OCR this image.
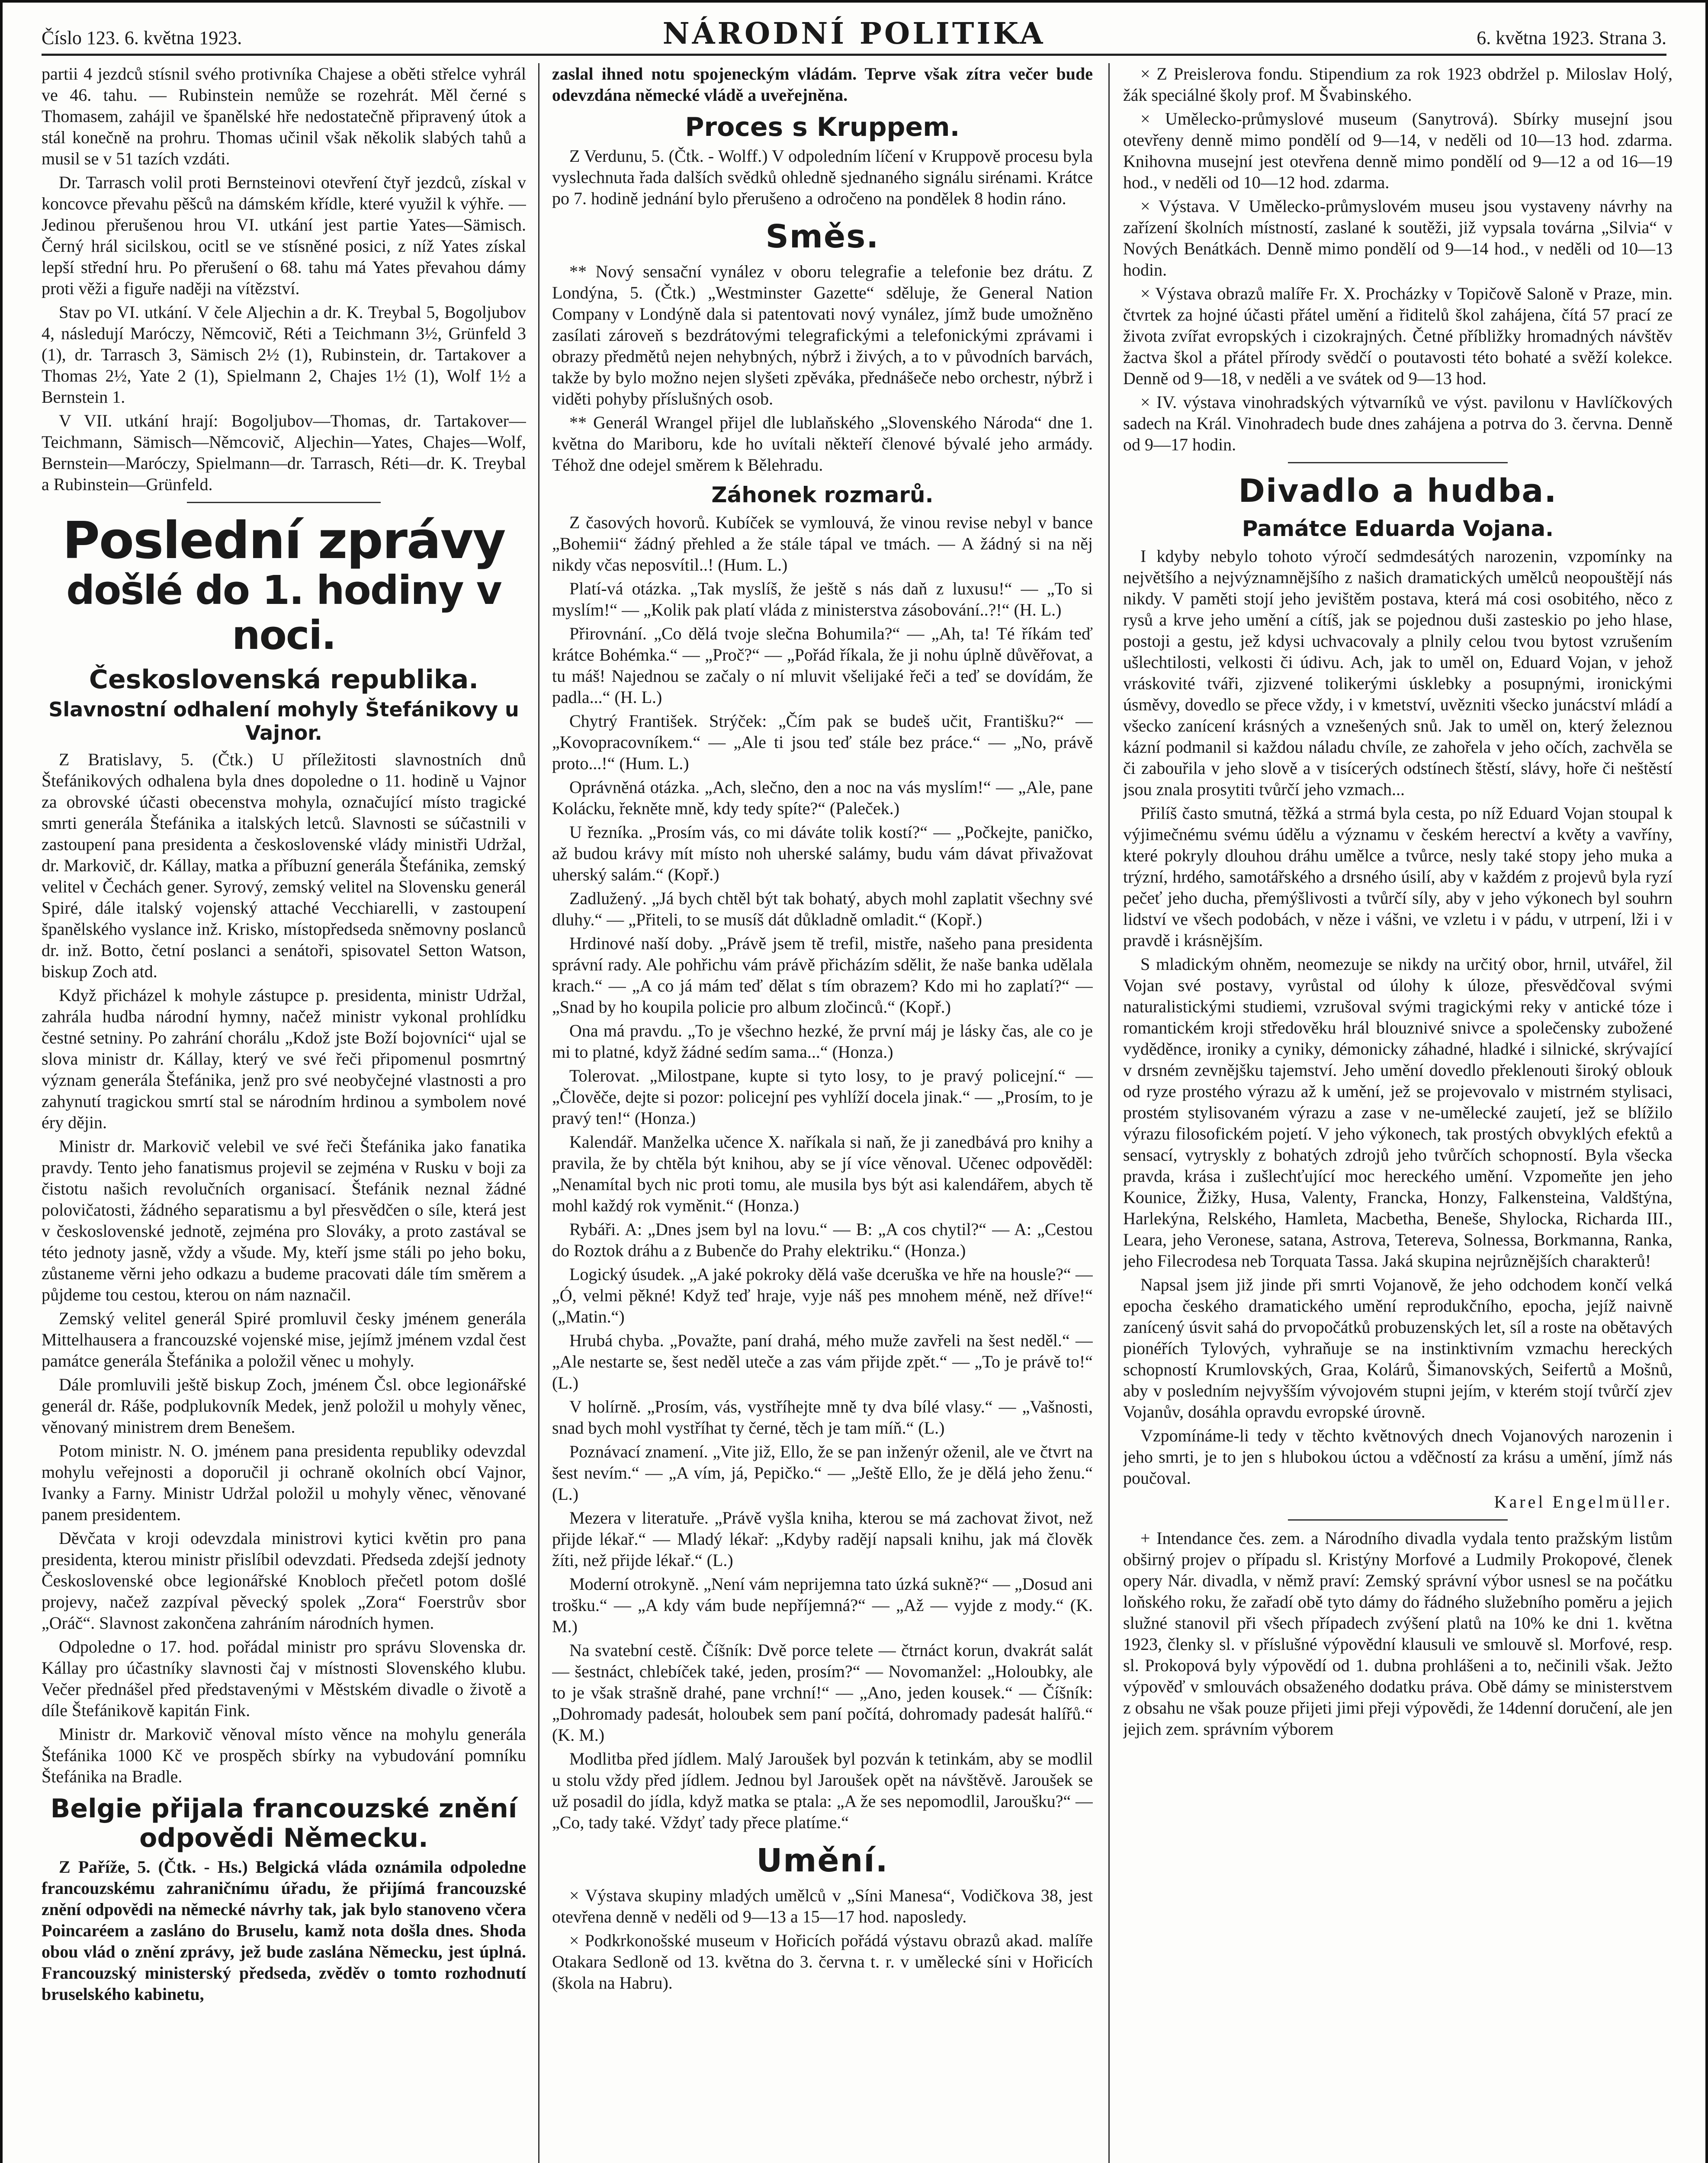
Číslo 123. 6. května 1923.	NÁRODNÍ POLITIKA	6. května 1923. Strana 3.

partii 4 jezdců stísnil svého protivníka Chajese a oběti střelce vyhrál ve 46. tahu. — Rubinstein nemůže se rozehrát. Měl černé s Thomasem, zahájil ve španělské hře nedostatečně připravený útok a stál konečně na prohru. Thomas učinil však několik slabých tahů a musil se v 51 tazích vzdáti.

Dr. Tarrasch volil proti Bernsteinovi otevření čtyř jezdců, získal v koncovce převahu pěšců na dámském křídle, které využil k výhře. — Jedinou přerušenou hrou VI. utkání jest partie Yates—Sämisch. Černý hrál sicilskou, ocitl se ve stísněné posici, z níž Yates získal lepší střední hru. Po přerušení o 68. tahu má Yates převahou dámy proti věži a figuře naději na vítězství.

Stav po VI. utkání. V čele Aljechin a dr. K. Treybal 5, Bogoljubov 4, následují Maróczy, Němcovič, Réti a Teichmann 3½, Grünfeld 3 (1), dr. Tarrasch 3, Sämisch 2½ (1), Rubinstein, dr. Tartakover a Thomas 2½, Yate 2 (1), Spielmann 2, Chajes 1½ (1), Wolf 1½ a Bernstein 1.

V VII. utkání hrají: Bogoljubov—Thomas, dr. Tartakover—Teichmann, Sämisch—Němcovič, Aljechin—Yates, Chajes—Wolf, Bernstein—Maróczy, Spielmann—dr. Tarrasch, Réti—dr. K. Treybal a Rubinstein—Grünfeld.

Poslední zprávy
došlé do 1. hodiny v noci.
Československá republika.
Slavnostní odhalení mohyly Štefánikovy u Vajnor.

Z Bratislavy, 5. (Čtk.) U příležitosti slavnostních dnů Štefánikových odhalena byla dnes dopoledne o 11. hodině u Vajnor za obrovské účasti obecenstva mohyla, označující místo tragické smrti generála Štefánika a italských letců. Slavnosti se súčastnili v zastoupení pana presidenta a československé vlády ministři Udržal, dr. Markovič, dr. Kállay, matka a příbuzní generála Štefánika, zemský velitel v Čechách gener. Syrový, zemský velitel na Slovensku generál Spiré, dále italský vojenský attaché Vecchiarelli, v zastoupení španělského vyslance inž. Krisko, místopředseda sněmovny poslanců dr. inž. Botto, četní poslanci a senátoři, spisovatel Setton Watson, biskup Zoch atd.

Když přicházel k mohyle zástupce p. presidenta, ministr Udržal, zahrála hudba národní hymny, načež ministr vykonal prohlídku čestné setniny. Po zahrání chorálu „Kdož jste Boží bojovníci“ ujal se slova ministr dr. Kállay, který ve své řeči připomenul posmrtný význam generála Štefánika, jenž pro své neobyčejné vlastnosti a pro zahynutí tragickou smrtí stal se národním hrdinou a symbolem nové éry dějin.

Ministr dr. Markovič velebil ve své řeči Štefánika jako fanatika pravdy. Tento jeho fanatismus projevil se zejména v Rusku v boji za čistotu našich revolučních organisací. Štefánik neznal žádné polovičatosti, žádného separatismu a byl přesvědčen o síle, která jest v československé jednotě, zejména pro Slováky, a proto zastával se této jednoty jasně, vždy a všude. My, kteří jsme stáli po jeho boku, zůstaneme věrni jeho odkazu a budeme pracovati dále tím směrem a půjdeme tou cestou, kterou on nám naznačil.

Zemský velitel generál Spiré promluvil česky jménem generála Mittelhausera a francouzské vojenské mise, jejímž jménem vzdal čest památce generála Štefánika a položil věnec u mohyly.

Dále promluvili ještě biskup Zoch, jménem Čsl. obce legionářské generál dr. Ráše, podplukovník Medek, jenž položil u mohyly věnec, věnovaný ministrem drem Benešem.

Potom ministr. N. O. jménem pana presidenta republiky odevzdal mohylu veřejnosti a doporučil ji ochraně okolních obcí Vajnor, Ivanky a Farny. Ministr Udržal položil u mohyly věnec, věnované panem presidentem.

Děvčata v kroji odevzdala ministrovi kytici květin pro pana presidenta, kterou ministr přislíbil odevzdati. Předseda zdejší jednoty Československé obce legionářské Knobloch přečetl potom došlé projevy, načež zazpíval pěvecký spolek „Zora“ Foerstrův sbor „Oráč“. Slavnost zakončena zahráním národních hymen.

Odpoledne o 17. hod. pořádal ministr pro správu Slovenska dr. Kállay pro účastníky slavnosti čaj v místnosti Slovenského klubu. Večer přednášel před představenými v Městském divadle o životě a díle Štefánikově kapitán Fink.

Ministr dr. Markovič věnoval místo věnce na mohylu generála Štefánika 1000 Kč ve prospěch sbírky na vybudování pomníku Štefánika na Bradle.

Belgie přijala francouzské znění odpovědi Německu.

Z Paříže, 5. (Čtk. - Hs.) Belgická vláda oznámila odpoledne francouzskému zahraničnímu úřadu, že přijímá francouzské znění odpovědi na německé návrhy tak, jak bylo stanoveno včera Poincaréem a zasláno do Bruselu, kamž nota došla dnes. Shoda obou vlád o znění zprávy, jež bude zaslána Německu, jest úplná. Francouzský ministerský předseda, zvěděv o tomto rozhodnutí bruselského kabinetu,

zaslal ihned notu spojeneckým vládám. Teprve však zítra večer bude odevzdána německé vládě a uveřejněna.

Proces s Kruppem.

Z Verdunu, 5. (Čtk. - Wolff.) V odpoledním líčení v Kruppově procesu byla vyslechnuta řada dalších svědků ohledně sjednaného signálu sirénami. Krátce po 7. hodině jednání bylo přerušeno a odročeno na pondělek 8 hodin ráno.

Směs.

** Nový sensační vynález v oboru telegrafie a telefonie bez drátu. Z Londýna, 5. (Čtk.) „Westminster Gazette“ sděluje, že General Nation Company v Londýně dala si patentovati nový vynález, jímž bude umožněno zasílati zároveň s bezdrátovými telegrafickými a telefonickými zprávami i obrazy předmětů nejen nehybných, nýbrž i živých, a to v původních barvách, takže by bylo možno nejen slyšeti zpěváka, přednášeče nebo orchestr, nýbrž i viděti pohyby příslušných osob.

** Generál Wrangel přijel dle lublaňského „Slovenského Národa“ dne 1. května do Mariboru, kde ho uvítali někteří členové bývalé jeho armády. Téhož dne odejel směrem k Bělehradu.

Záhonek rozmarů.

Z časových hovorů. Kubíček se vymlouvá, že vinou revise nebyl v bance „Bohemii“ žádný přehled a že stále tápal ve tmách. — A žádný si na něj nikdy včas neposvítil..! (Hum. L.)

Platí-vá otázka. „Tak myslíš, že ještě s nás daň z luxusu!“ — „To si myslím!“ — „Kolik pak platí vláda z ministerstva zásobování..?!“ (H. L.)

Přirovnání. „Co dělá tvoje slečna Bohumila?“ — „Ah, ta! Té říkám teď krátce Bohémka.“ — „Proč?“ — „Pořád říkala, že ji nohu úplně důvěřovat, a tu máš! Najednou se začaly o ní mluvit všelijaké řeči a teď se dovídám, že padla...“ (H. L.)

Chytrý František. Strýček: „Čím pak se budeš učit, Františku?“ — „Kovopracovníkem.“ — „Ale ti jsou teď stále bez práce.“ — „No, právě proto...!“ (Hum. L.)

Oprávněná otázka. „Ach, slečno, den a noc na vás myslím!“ — „Ale, pane Kolácku, řekněte mně, kdy tedy spíte?“ (Paleček.)

U řezníka. „Prosím vás, co mi dáváte tolik kostí?“ — „Počkejte, paničko, až budou krávy mít místo noh uherské salámy, budu vám dávat přivažovat uherský salám.“ (Kopř.)

Zadlužený. „Já bych chtěl být tak bohatý, abych mohl zaplatit všechny své dluhy.“ — „Přiteli, to se musíš dát důkladně omladit.“ (Kopř.)

Hrdinové naší doby. „Právě jsem tě trefil, mistře, našeho pana presidenta správní rady. Ale pohřichu vám právě přicházím sdělit, že naše banka udělala krach.“ — „A co já mám teď dělat s tím obrazem? Kdo mi ho zaplatí?“ — „Snad by ho koupila policie pro album zločinců.“ (Kopř.)

Ona má pravdu. „To je všechno hezké, že první máj je lásky čas, ale co je mi to platné, když žádné sedím sama...“ (Honza.)

Tolerovat. „Milostpane, kupte si tyto losy, to je pravý policejní.“ — „Člověče, dejte si pozor: policejní pes vyhlíží docela jinak.“ — „Prosím, to je pravý ten!“ (Honza.)

Kalendář. Manželka učence X. naříkala si naň, že ji zanedbává pro knihy a pravila, že by chtěla být knihou, aby se jí více věnoval. Učenec odpověděl: „Nenamítal bych nic proti tomu, ale musila bys být asi kalendářem, abych tě mohl každý rok vyměnit.“ (Honza.)

Rybáři. A: „Dnes jsem byl na lovu.“ — B: „A cos chytil?“ — A: „Cestou do Roztok dráhu a z Bubenče do Prahy elektriku.“ (Honza.)

Logický úsudek. „A jaké pokroky dělá vaše dceruška ve hře na housle?“ — „Ó, velmi pěkné! Když teď hraje, vyje náš pes mnohem méně, než dříve!“ („Matin.“)

Hrubá chyba. „Považte, paní drahá, mého muže zavřeli na šest neděl.“ — „Ale nestarte se, šest neděl uteče a zas vám přijde zpět.“ — „To je právě to!“ (L.)

V holírně. „Prosím, vás, vystříhejte mně ty dva bílé vlasy.“ — „Vašnosti, snad bych mohl vystříhat ty černé, těch je tam míň.“ (L.)

Poznávací znamení. „Vite již, Ello, že se pan inženýr oženil, ale ve čtvrt na šest nevím.“ — „A vím, já, Pepičko.“ — „Ještě Ello, že je dělá jeho ženu.“ (L.)

Mezera v literatuře. „Právě vyšla kniha, kterou se má zachovat život, než přijde lékař.“ — Mladý lékař: „Kdyby radějí napsali knihu, jak má člověk žíti, než přijde lékař.“ (L.)

Moderní otrokyně. „Není vám neprijemna tato úzká sukně?“ — „Dosud ani trošku.“ — „A kdy vám bude nepříjemná?“ — „Až — vyjde z mody.“ (K. M.)

Na svatební cestě. Číšník: Dvě porce telete — čtrnáct korun, dvakrát salát — šestnáct, chlebíček také, jeden, prosím?“ — Novomanžel: „Holoubky, ale to je však strašně drahé, pane vrchní!“ — „Ano, jeden kousek.“ — Číšník: „Dohromady padesát, holoubek sem paní počítá, dohromady padesát halířů.“ (K. M.)

Modlitba před jídlem. Malý Jaroušek byl pozván k tetinkám, aby se modlil u stolu vždy před jídlem. Jednou byl Jaroušek opět na návštěvě. Jaroušek se už posadil do jídla, když matka se ptala: „A že ses nepomodlil, Jaroušku?“ — „Co, tady také. Vždyť tady přece platíme.“

Umění.

× Výstava skupiny mladých umělců v „Síni Manesa“, Vodičkova 38, jest otevřena denně v neděli od 9—13 a 15—17 hod. naposledy.

× Podkrkonošské museum v Hořicích pořádá výstavu obrazů akad. malíře Otakara Sedloně od 13. května do 3. června t. r. v umělecké síni v Hořicích (škola na Habru).

× Z Preislerova fondu. Stipendium za rok 1923 obdržel p. Miloslav Holý, žák speciálné školy prof. M Švabinského.

× Umělecko-průmyslové museum (Sanytrová). Sbírky musejní jsou otevřeny denně mimo pondělí od 9—14, v neděli od 10—13 hod. zdarma. Knihovna musejní jest otevřena denně mimo pondělí od 9—12 a od 16—19 hod., v neděli od 10—12 hod. zdarma.

× Výstava. V Umělecko-průmyslovém museu jsou vystaveny návrhy na zařízení školních místností, zaslané k soutěži, již vypsala továrna „Silvia“ v Nových Benátkách. Denně mimo pondělí od 9—14 hod., v neděli od 10—13 hodin.

× Výstava obrazů malíře Fr. X. Procházky v Topičově Saloně v Praze, min. čtvrtek za hojné účasti přátel umění a řiditelů škol zahájena, čítá 57 prací ze života zvířat evropských i cizokrajných. Četné příbližky hromadných návštěv žactva škol a přátel přírody svědčí o poutavosti této bohaté a svěží kolekce. Denně od 9—18, v neděli a ve svátek od 9—13 hod.

× IV. výstava vinohradských výtvarníků ve výst. pavilonu v Havlíčkových sadech na Král. Vinohradech bude dnes zahájena a potrva do 3. června. Denně od 9—17 hodin.

Divadlo a hudba.
Památce Eduarda Vojana.

I kdyby nebylo tohoto výročí sedmdesátých narozenin, vzpomínky na největšího a nejvýznamnějšího z našich dramatických umělců neopouštějí nás nikdy. V paměti stojí jeho jevištěm postava, která má cosi osobitého, něco z rysů a krve jeho umění a cítíš, jak se pojednou duši zasteskio po jeho hlase, postoji a gestu, jež kdysi uchvacovaly a plnily celou tvou bytost vzrušením ušlechtilosti, velkosti či údivu. Ach, jak to uměl on, Eduard Vojan, v jehož vráskovité tváři, zjizvené tolikerými úsklebky a posupnými, ironickými úsměvy, dovedlo se přece vždy, i v kmetství, uvězniti všecko junácství mládí a všecko zanícení krásných a vznešených snů. Jak to uměl on, který železnou kázní podmanil si každou náladu chvíle, ze zahořela v jeho očích, zachvěla se či zabouřila v jeho slově a v tisícerých odstínech štěstí, slávy, hoře či neštěstí jsou znala prosytiti tvůrčí jeho vzmach...

Přilíš často smutná, těžká a strmá byla cesta, po níž Eduard Vojan stoupal k výjimečnému svému údělu a významu v českém herectví a květy a vavříny, které pokryly dlouhou dráhu umělce a tvůrce, nesly také stopy jeho muka a trýzní, hrdého, samotářského a drsného úsilí, aby v každém z projevů byla ryzí pečeť jeho ducha, přemýšlivosti a tvůrčí síly, aby v jeho výkonech byl souhrn lidství ve všech podobách, v něze i vášni, ve vzletu i v pádu, v utrpení, lži i v pravdě i krásnějším.

S mladickým ohněm, neomezuje se nikdy na určitý obor, hrnil, utvářel, žil Vojan své postavy, vyrůstal od úlohy k úloze, přesvědčoval svými naturalistickými studiemi, vzrušoval svými tragickými reky v antické tóze i romantickém kroji středověku hrál blouznivé snivce a společensky zubožené vyděděnce, ironiky a cyniky, démonicky záhadné, hladké i silnické, skrývající v drsném zevnějšku tajemství. Jeho umění dovedlo překlenouti široký oblouk od ryze prostého výrazu až k umění, jež se projevovalo v mistrném stylisaci, prostém stylisovaném výrazu a zase v ne-umělecké zaujetí, jež se blížilo výrazu filosofickém pojetí. V jeho výkonech, tak prostých obvyklých efektů a sensací, vytryskly z bohatých zdrojů jeho tvůrčích schopností. Byla všecka pravda, krása i zušlechťující moc hereckého umění. Vzpomeňte jen jeho Kounice, Žižky, Husa, Valenty, Francka, Honzy, Falkensteina, Valdštýna, Harlekýna, Relského, Hamleta, Macbetha, Beneše, Shylocka, Richarda III., Leara, jeho Veronese, satana, Astrova, Tetereva, Solnessa, Borkmanna, Ranka, jeho Filecrodesa neb Torquata Tassa. Jaká skupina nejrůznějších charakterů!

Napsal jsem již jinde při smrti Vojanově, že jeho odchodem končí velká epocha českého dramatického umění reprodukčního, epocha, jejíž naivně zanícený úsvit sahá do prvopočátků probuzenských let, síl a roste na obětavých pionéřích Tylových, vyhraňuje se na instinktivním vzmachu hereckých schopností Krumlovských, Graa, Kolárů, Šimanovských, Seifertů a Mošnů, aby v posledním nejvyšším vývojovém stupni jejím, v kterém stojí tvůrčí zjev Vojanův, dosáhla opravdu evropské úrovně.

Vzpomínáme-li tedy v těchto květnových dnech Vojanových narozenin i jeho smrti, je to jen s hlubokou úctou a vděčností za krásu a umění, jímž nás poučoval.

Karel Engelmüller.

+ Intendance čes. zem. a Národního divadla vydala tento pražským listům obširný projev o případu sl. Kristýny Morfové a Ludmily Prokopové, členek opery Nár. divadla, v němž praví: Zemský správní výbor usnesl se na počátku loňského roku, že zařadí obě tyto dámy do řádného služebního poměru a jejich služné stanovil při všech případech zvýšení platů na 10% ke dni 1. května 1923, členky sl. v příslušné výpovědní klausuli ve smlouvě sl. Morfové, resp. sl. Prokopová byly výpovědí od 1. dubna prohlášeni a to, nečinili však. Ježto výpověď v smlouvách obsaženého dodatku práva. Obě dámy se ministerstvem z obsahu ne však pouze přijeti jimi přeji výpovědi, že 14denní doručení, ale jen jejich zem. správním výborem
